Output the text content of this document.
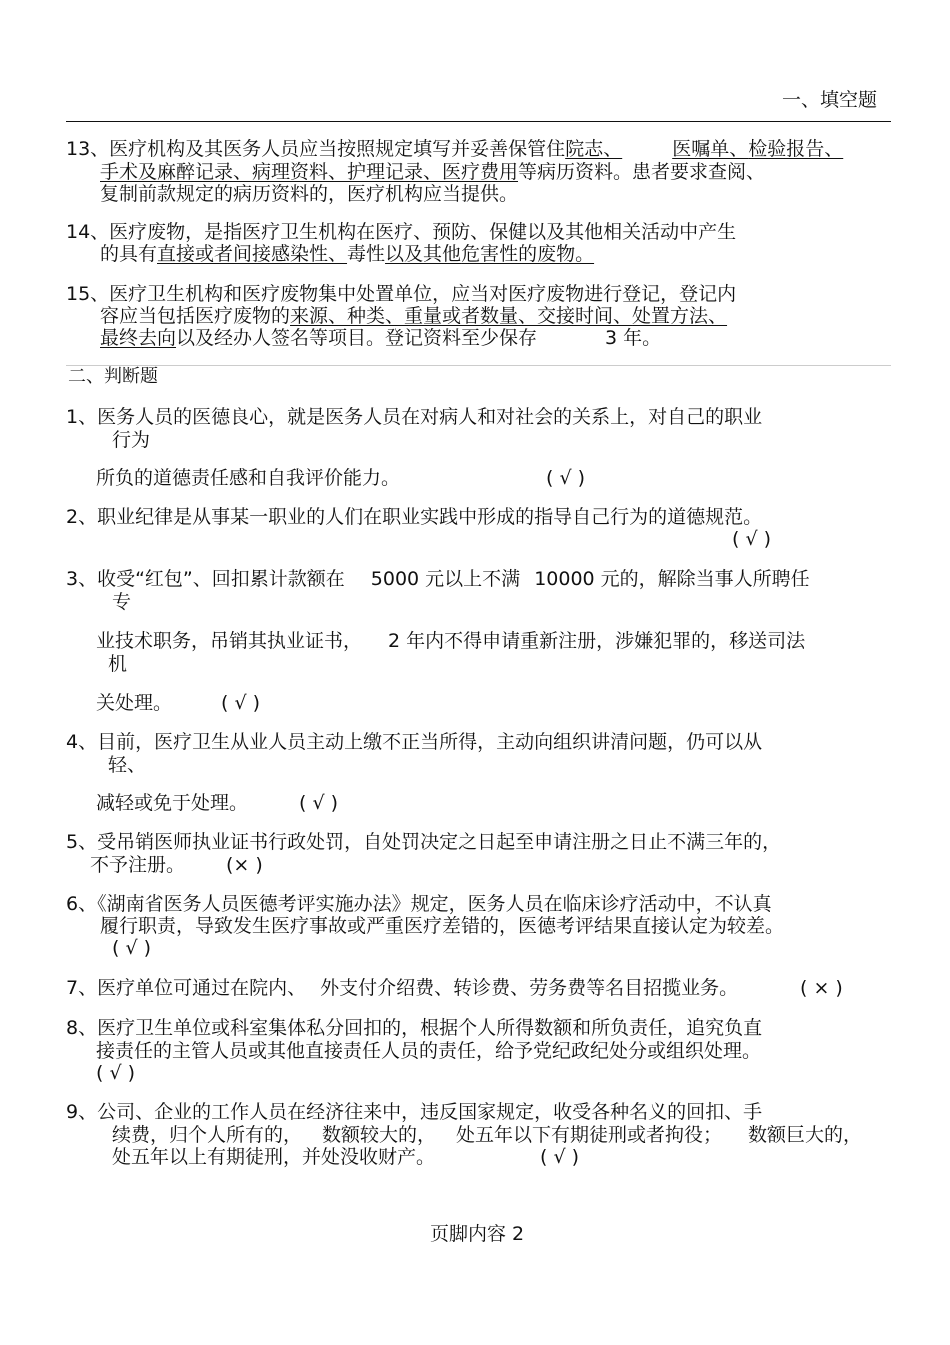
一、填空题
13、医疗机构及其医务人员应当按照规定填写并妥善保管住院志、	医嘱单、检验报告、
手术及麻醉记录、病理资料、护理记录、医疗费用等病历资料。患者要求查阅、
复制前款规定的病历资料的，医疗机构应当提供。
14、医疗废物，是指医疗卫生机构在医疗、预防、保健以及其他相关活动中产生
的具有直接或者间接感染性、毒性以及其他危害性的废物。
15、医疗卫生机构和医疗废物集中处置单位，应当对医疗废物进行登记，登记内
容应当包括医疗废物的来源、种类、重量或者数量、交接时间、处置方法、
最终去向以及经办人签名等项目。登记资料至少保存	3 年。
二、判断题
1、医务人员的医德良心，就是医务人员在对病人和对社会的关系上，对自己的职业
行为
所负的道德责任感和自我评价能力。	( √ )
2、职业纪律是从事某一职业的人们在职业实践中形成的指导自己行为的道德规范。
( √ )
3、收受“红包”、回扣累计款额在 5000 元以上不满 10000 元的，解除当事人所聘任
专
业技术职务，吊销其执业证书， 2 年内不得申请重新注册，涉嫌犯罪的，移送司法
机
关处理。	( √ )
4、目前，医疗卫生从业人员主动上缴不正当所得，主动向组织讲清问题，仍可以从
轻、
减轻或免于处理。	( √ )
5、受吊销医师执业证书行政处罚，自处罚决定之日起至申请注册之日止不满三年的，
不予注册。 (× )
6、《湖南省医务人员医德考评实施办法》规定，医务人员在临床诊疗活动中，不认真
履行职责，导致发生医疗事故或严重医疗差错的，医德考评结果直接认定为较差。
( √ )
7、医疗单位可通过在院内、 外支付介绍费、转诊费、劳务费等名目招揽业务。	( × )
8、医疗卫生单位或科室集体私分回扣的，根据个人所得数额和所负责任，追究负直
接责任的主管人员或其他直接责任人员的责任，给予党纪政纪处分或组织处理。
( √ )
9、公司、企业的工作人员在经济往来中，违反国家规定，收受各种名义的回扣、手
续费，归个人所有的， 数额较大的， 处五年以下有期徒刑或者拘役； 数额巨大的，
处五年以上有期徒刑，并处没收财产。	( √ )
页脚内容 2
